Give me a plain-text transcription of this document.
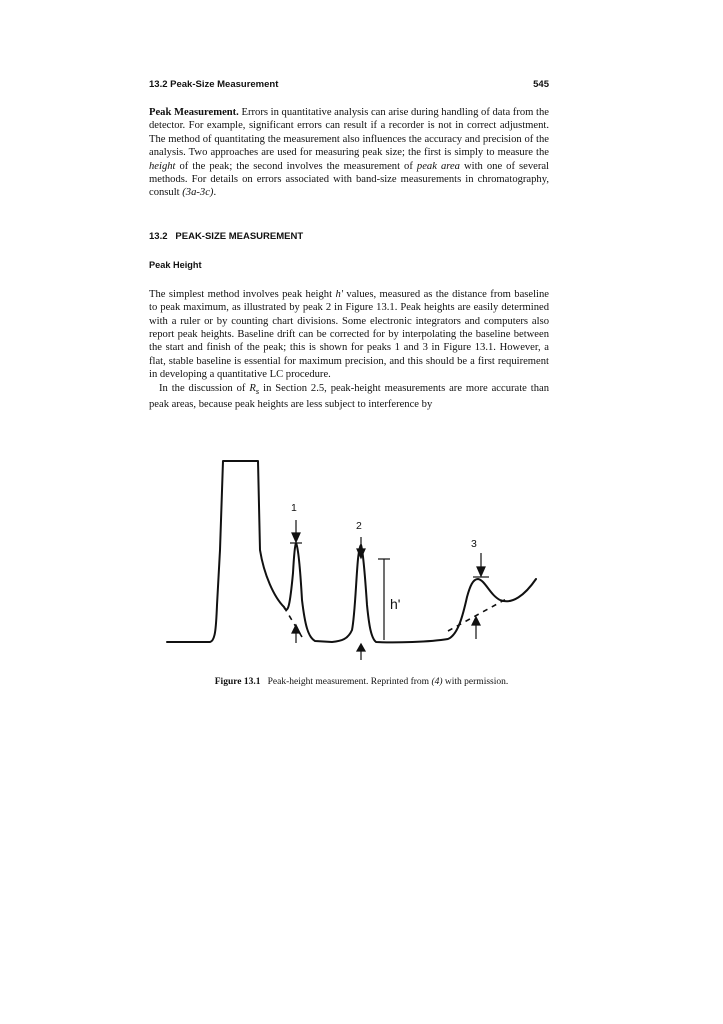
13.2 Peak-Size Measurement	545

Peak Measurement. Errors in quantitative analysis can arise during handling of data from the detector. For example, significant errors can result if a recorder is not in correct adjustment. The method of quantitating the measurement also influences the accuracy and precision of the analysis. Two approaches are used for measuring peak size; the first is simply to measure the height of the peak; the second involves the measurement of peak area with one of several methods. For details on errors associated with band-size measurements in chromatography, consult (3a-3c).

13.2   PEAK-SIZE MEASUREMENT
Peak Height

The simplest method involves peak height h' values, measured as the distance from baseline to peak maximum, as illustrated by peak 2 in Figure 13.1. Peak heights are easily determined with a ruler or by counting chart divisions. Some electronic integrators and computers also report peak heights. Baseline drift can be corrected for by interpolating the baseline between the start and finish of the peak; this is shown for peaks 1 and 3 in Figure 13.1. However, a flat, stable baseline is essential for maximum precision, and this should be a first requirement in developing a quantitative LC procedure.

In the discussion of $R_s$ in Section 2.5, peak-height measurements are more accurate than peak areas, because peak heights are less subject to interference by

1
2
3
h'
Figure 13.1   Peak-height measurement. Reprinted from (4) with permission.
